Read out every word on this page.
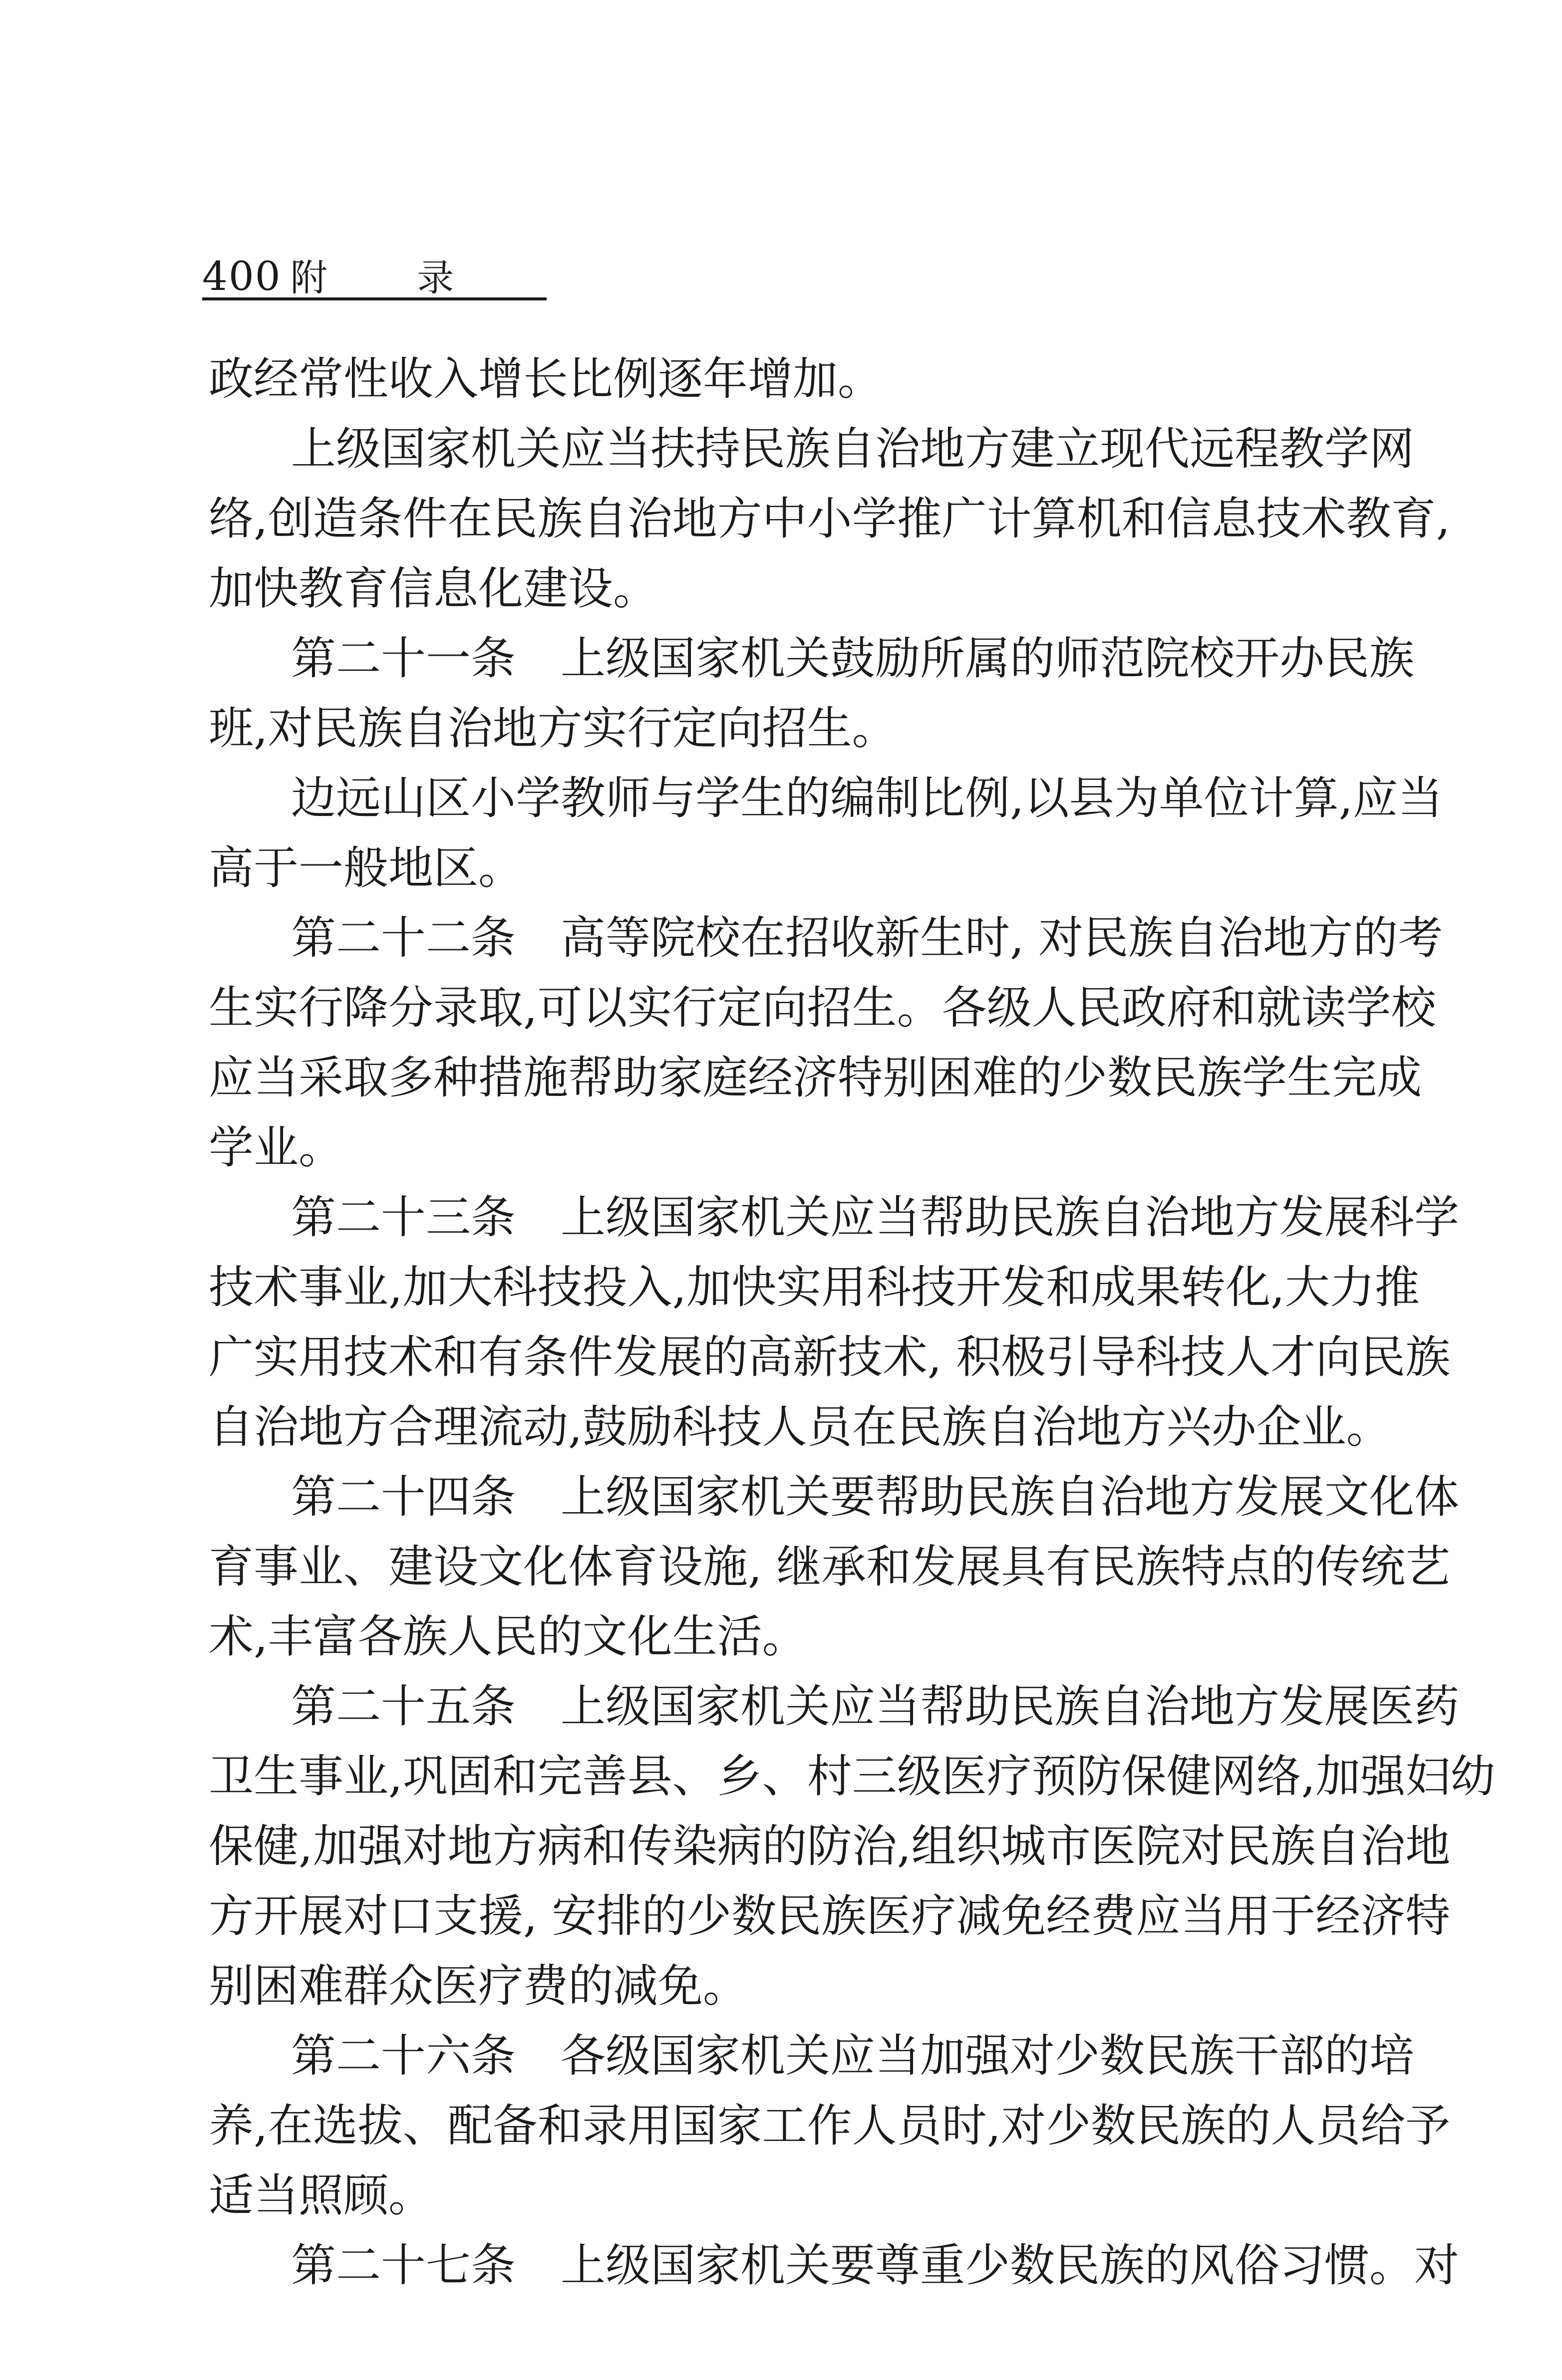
400 附 录
政经常性收入增长比例逐年增加。
上级国家机关应当扶持民族自治地方建立现代远程教学网
络,创造条件在民族自治地方中小学推广计算机和信息技术教育,
加快教育信息化建设。
第二十一条　上级国家机关鼓励所属的师范院校开办民族
班,对民族自治地方实行定向招生。
边远山区小学教师与学生的编制比例,以县为单位计算,应当
高于一般地区。
第二十二条　高等院校在招收新生时, 对民族自治地方的考
生实行降分录取,可以实行定向招生。各级人民政府和就读学校
应当采取多种措施帮助家庭经济特别困难的少数民族学生完成
学业。
第二十三条　上级国家机关应当帮助民族自治地方发展科学
技术事业,加大科技投入,加快实用科技开发和成果转化,大力推
广实用技术和有条件发展的高新技术, 积极引导科技人才向民族
自治地方合理流动,鼓励科技人员在民族自治地方兴办企业。
第二十四条　上级国家机关要帮助民族自治地方发展文化体
育事业、建设文化体育设施, 继承和发展具有民族特点的传统艺
术,丰富各族人民的文化生活。
第二十五条　上级国家机关应当帮助民族自治地方发展医药
卫生事业,巩固和完善县、乡、村三级医疗预防保健网络,加强妇幼
保健,加强对地方病和传染病的防治,组织城市医院对民族自治地
方开展对口支援, 安排的少数民族医疗减免经费应当用于经济特
别困难群众医疗费的减免。
第二十六条　各级国家机关应当加强对少数民族干部的培
养,在选拔、配备和录用国家工作人员时,对少数民族的人员给予
适当照顾。
第二十七条　上级国家机关要尊重少数民族的风俗习惯。对
